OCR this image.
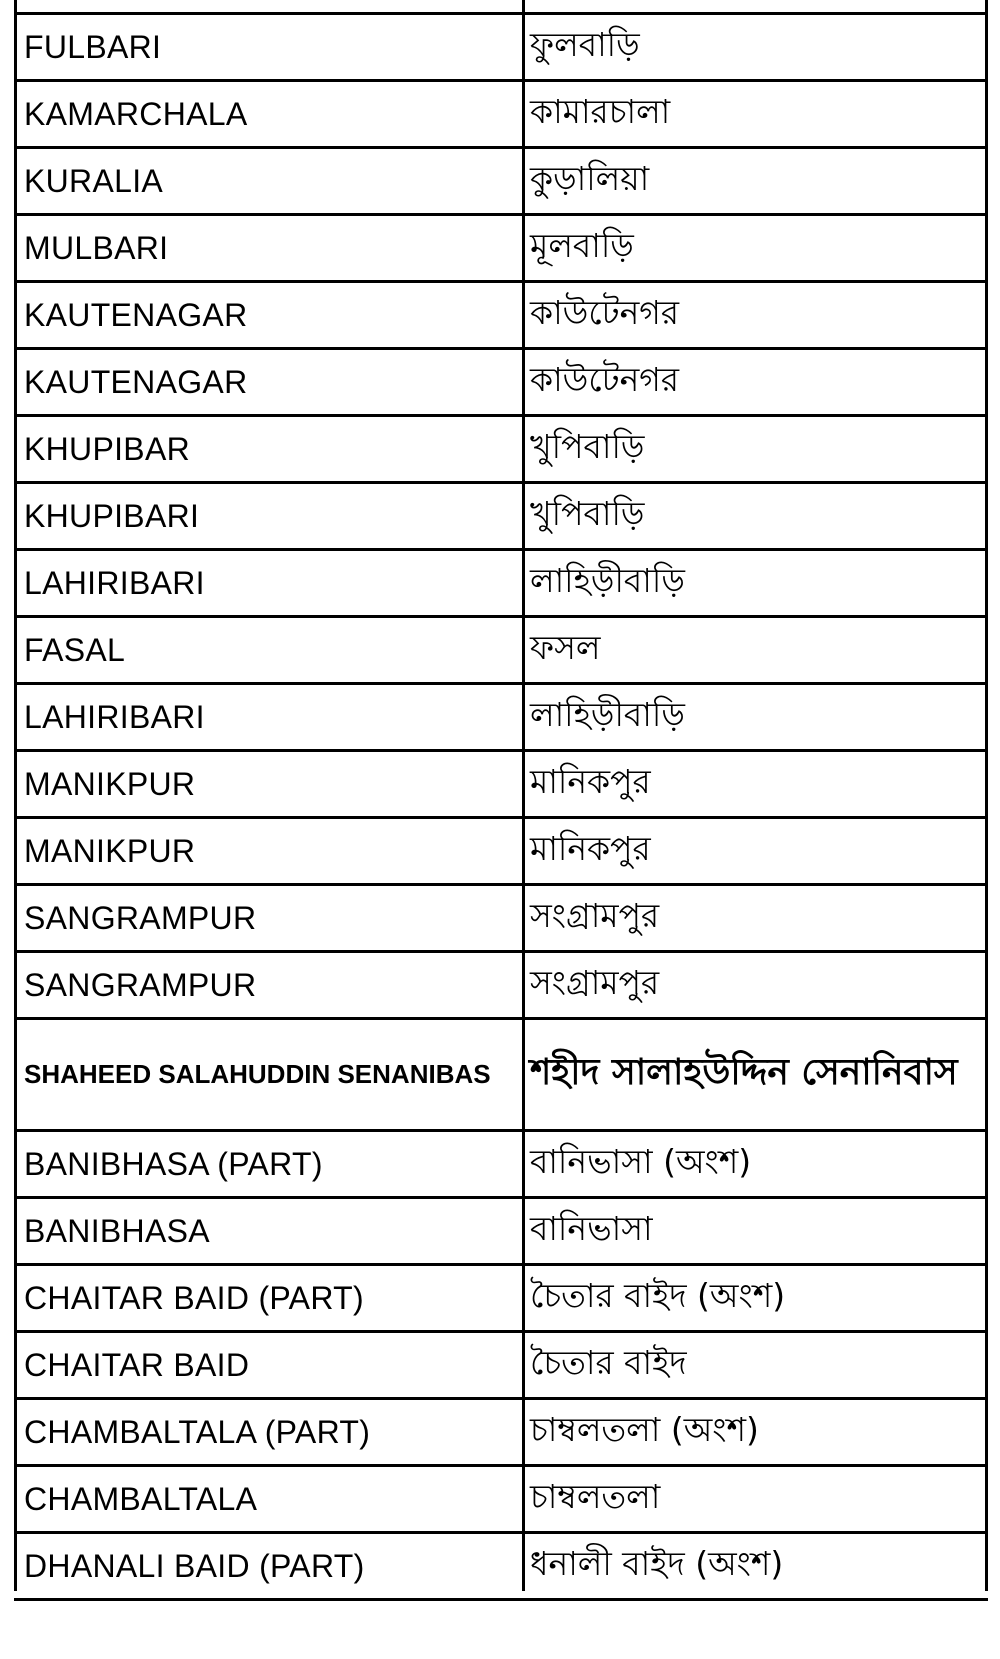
FULBARI	ফুলবাড়ি
KAMARCHALA	কামারচালা
KURALIA	কুড়ালিয়া
MULBARI	মূলবাড়ি
KAUTENAGAR	কাউটেনগর
KAUTENAGAR	কাউটেনগর
KHUPIBAR	খুপিবাড়ি
KHUPIBARI	খুপিবাড়ি
LAHIRIBARI	লাহিড়ীবাড়ি
FASAL	ফসল
LAHIRIBARI	লাহিড়ীবাড়ি
MANIKPUR	মানিকপুর
MANIKPUR	মানিকপুর
SANGRAMPUR	সংগ্রামপুর
SANGRAMPUR	সংগ্রামপুর
SHAHEED SALAHUDDIN SENANIBAS	শহীদ সালাহউদ্দিন সেনানিবাস
BANIBHASA (PART)	বানিভাসা (অংশ)
BANIBHASA	বানিভাসা
CHAITAR BAID (PART)	চৈতার বাইদ (অংশ)
CHAITAR BAID	চৈতার বাইদ
CHAMBALTALA (PART)	চাম্বলতলা (অংশ)
CHAMBALTALA	চাম্বলতলা
DHANALI BAID (PART)	ধনালী বাইদ (অংশ)
